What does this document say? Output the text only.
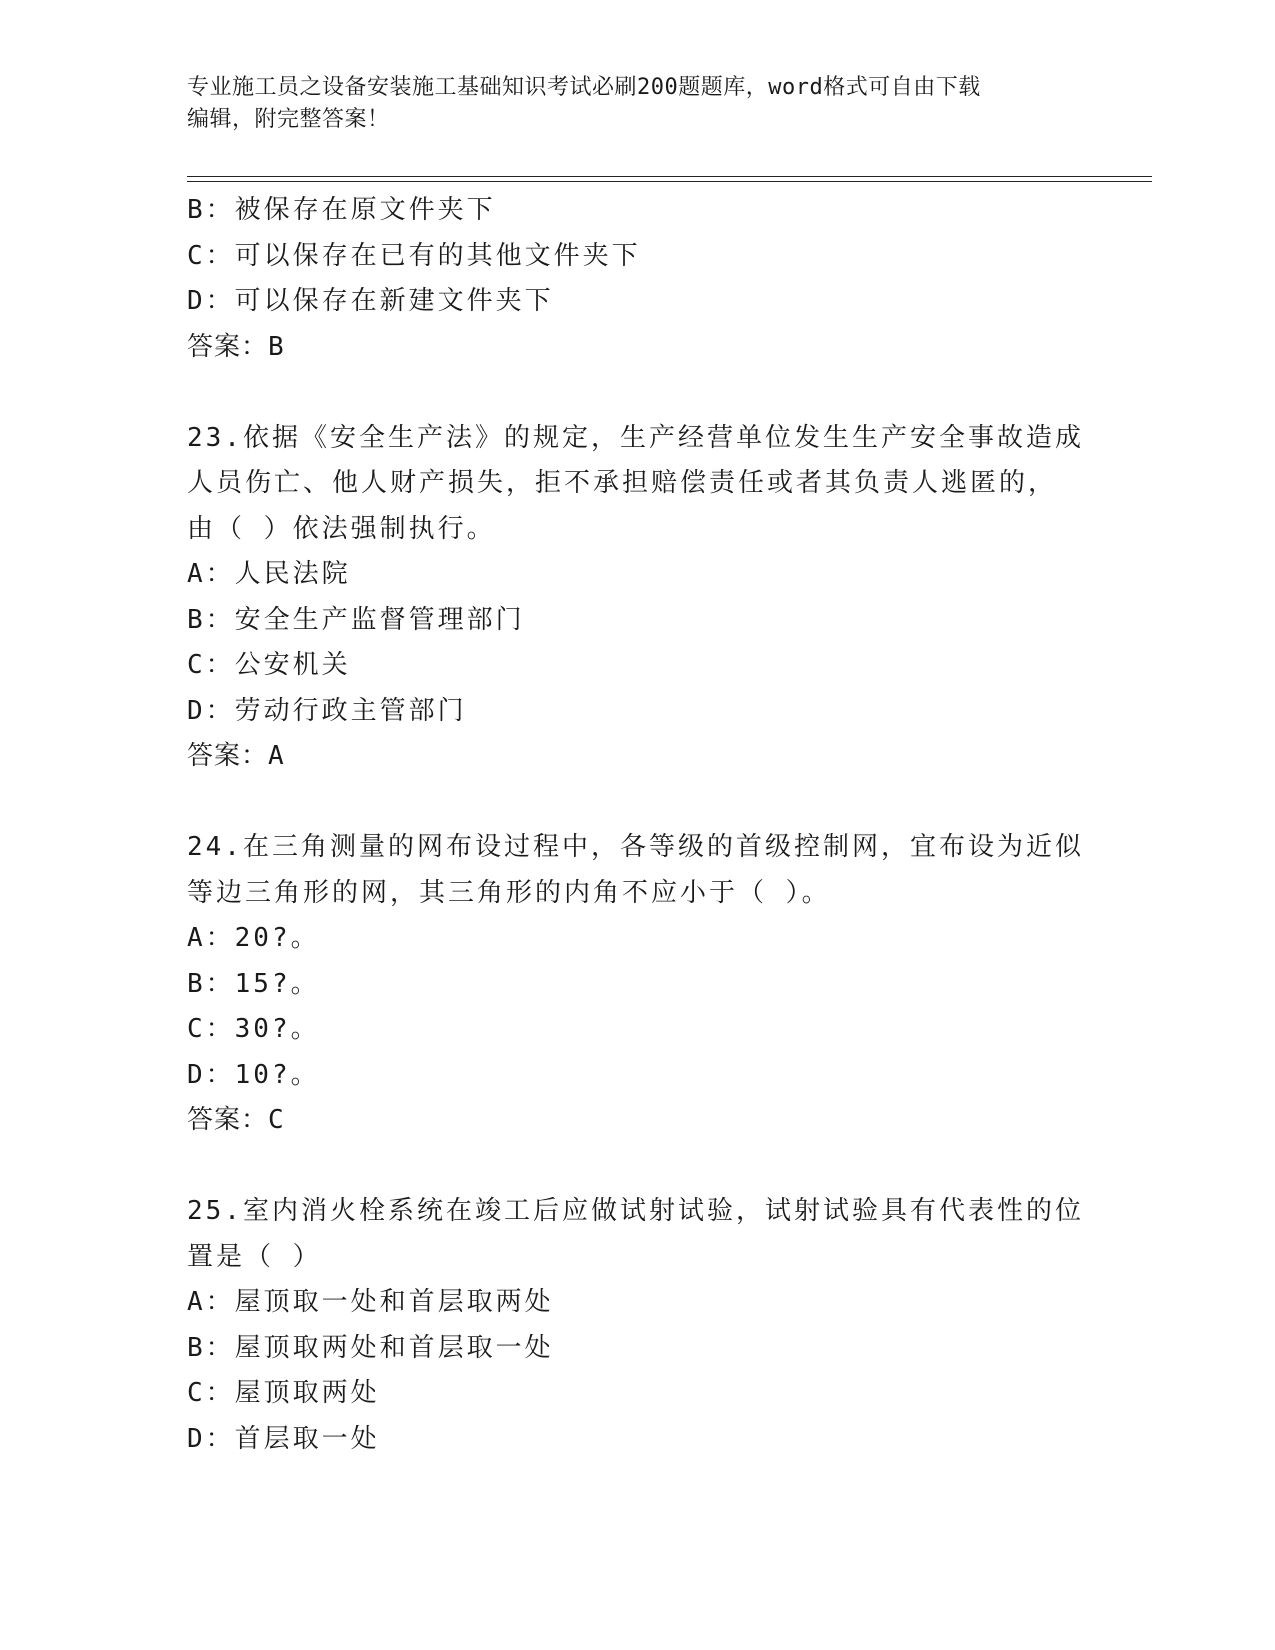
专业施工员之设备安装施工基础知识考试必刷200题题库，word格式可自由下载
编辑，附完整答案！
B：被保存在原文件夹下
C：可以保存在已有的其他文件夹下
D：可以保存在新建文件夹下
答案：B
23.依据《安全生产法》的规定，生产经营单位发生生产安全事故造成
人员伤亡、他人财产损失，拒不承担赔偿责任或者其负责人逃匿的，
由（ ）依法强制执行。
A：人民法院
B：安全生产监督管理部门
C：公安机关
D：劳动行政主管部门
答案：A
24.在三角测量的网布设过程中，各等级的首级控制网，宜布设为近似
等边三角形的网，其三角形的内角不应小于（ ）。
A：20?。
B：15?。
C：30?。
D：10?。
答案：C
25.室内消火栓系统在竣工后应做试射试验，试射试验具有代表性的位
置是（ ）
A：屋顶取一处和首层取两处
B：屋顶取两处和首层取一处
C：屋顶取两处
D：首层取一处
